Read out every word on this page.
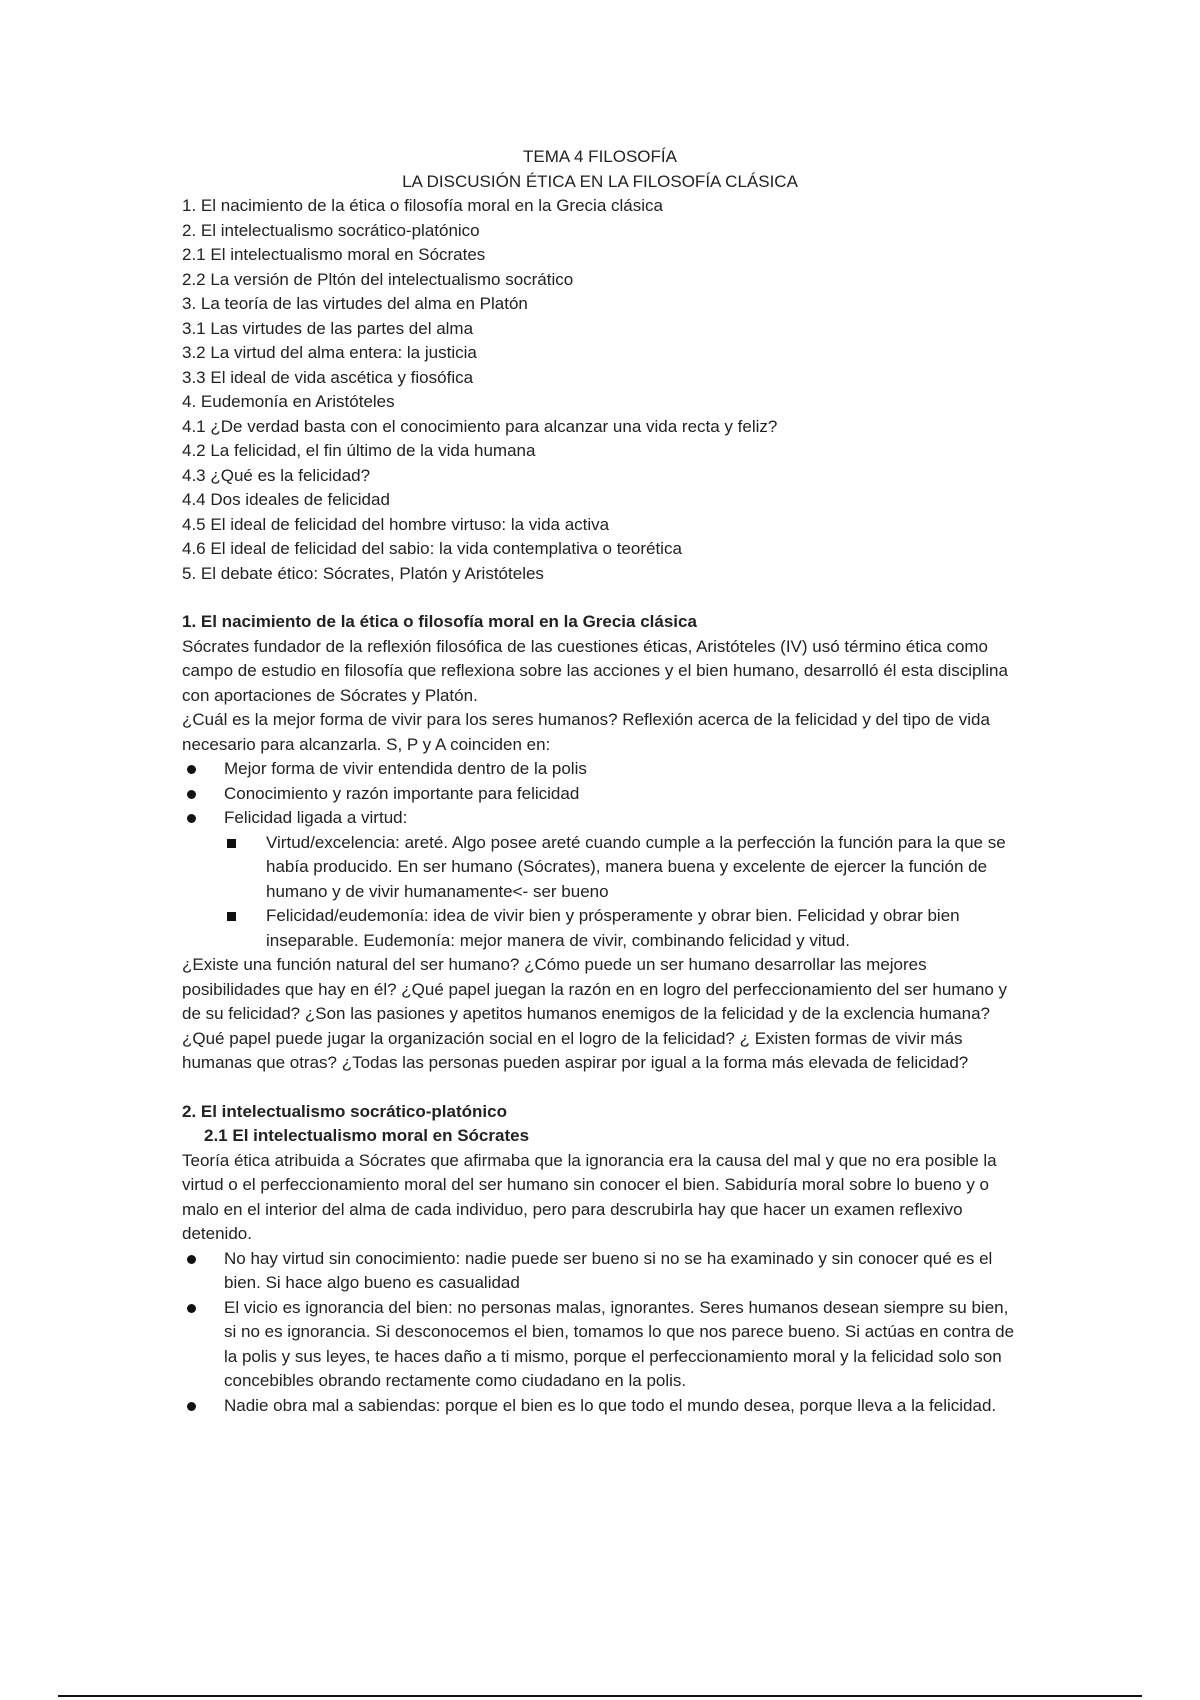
TEMA 4 FILOSOFÍA

LA DISCUSIÓN ÉTICA EN LA FILOSOFÍA CLÁSICA

1. El nacimiento de la ética o filosofía moral en la Grecia clásica

2. El intelectualismo socrático-platónico

2.1 El intelectualismo moral en Sócrates

2.2 La versión de Pltón del intelectualismo socrático

3. La teoría de las virtudes del alma en Platón

3.1 Las virtudes de las partes del alma

3.2 La virtud del alma entera: la justicia

3.3 El ideal de vida ascética y fiosófica

4. Eudemonía en Aristóteles

4.1 ¿De verdad basta con el conocimiento para alcanzar una vida recta y feliz?

4.2 La felicidad, el fin último de la vida humana

4.3 ¿Qué es la felicidad?

4.4 Dos ideales de felicidad

4.5 El ideal de felicidad del hombre virtuso: la vida activa

4.6 El ideal de felicidad del sabio: la vida contemplativa o teorética

5. El debate ético: Sócrates, Platón y Aristóteles

1. El nacimiento de la ética o filosofía moral en la Grecia clásica

Sócrates fundador de la reflexión filosófica de las cuestiones éticas, Aristóteles (IV) usó término ética como campo de estudio en filosofía que reflexiona sobre las acciones y el bien humano, desarrolló él esta disciplina con aportaciones de Sócrates y Platón.

¿Cuál es la mejor forma de vivir para los seres humanos? Reflexión acerca de la felicidad y del tipo de vida necesario para alcanzarla. S, P y A coinciden en:

Mejor forma de vivir entendida dentro de la polis
Conocimiento y razón importante para felicidad
Felicidad ligada a virtud:
Virtud/excelencia: areté. Algo posee areté cuando cumple a la perfección la función para la que se había producido. En ser humano (Sócrates), manera buena y excelente de ejercer la función de humano y de vivir humanamente<- ser bueno
Felicidad/eudemonía: idea de vivir bien y prósperamente y obrar bien. Felicidad y obrar bien inseparable. Eudemonía: mejor manera de vivir, combinando felicidad y vitud.

¿Existe una función natural del ser humano? ¿Cómo puede un ser humano desarrollar las mejores posibilidades que hay en él? ¿Qué papel juegan la razón en en logro del perfeccionamiento del ser humano y de su felicidad? ¿Son las pasiones y apetitos humanos enemigos de la felicidad y de la exclencia humana? ¿Qué papel puede jugar la organización social en el logro de la felicidad? ¿ Existen formas de vivir más humanas que otras? ¿Todas las personas pueden aspirar por igual a la forma más elevada de felicidad?

2. El intelectualismo socrático-platónico

2.1 El intelectualismo moral en Sócrates

Teoría ética atribuida a Sócrates que afirmaba que la ignorancia era la causa del mal y que no era posible la virtud o el perfeccionamiento moral del ser humano sin conocer el bien. Sabiduría moral sobre lo bueno y o malo en el interior del alma de cada individuo, pero para descrubirla hay que hacer un examen reflexivo detenido.

No hay virtud sin conocimiento: nadie puede ser bueno si no se ha examinado y sin conocer qué es el bien. Si hace algo bueno es casualidad
El vicio es ignorancia del bien: no personas malas, ignorantes. Seres humanos desean siempre su bien, si no es ignorancia. Si desconocemos el bien, tomamos lo que nos parece bueno. Si actúas en contra de la polis y sus leyes, te haces daño a ti mismo, porque el perfeccionamiento moral y la felicidad solo son concebibles obrando rectamente como ciudadano en la polis.
Nadie obra mal a sabiendas: porque el bien es lo que todo el mundo desea, porque lleva a la felicidad.
